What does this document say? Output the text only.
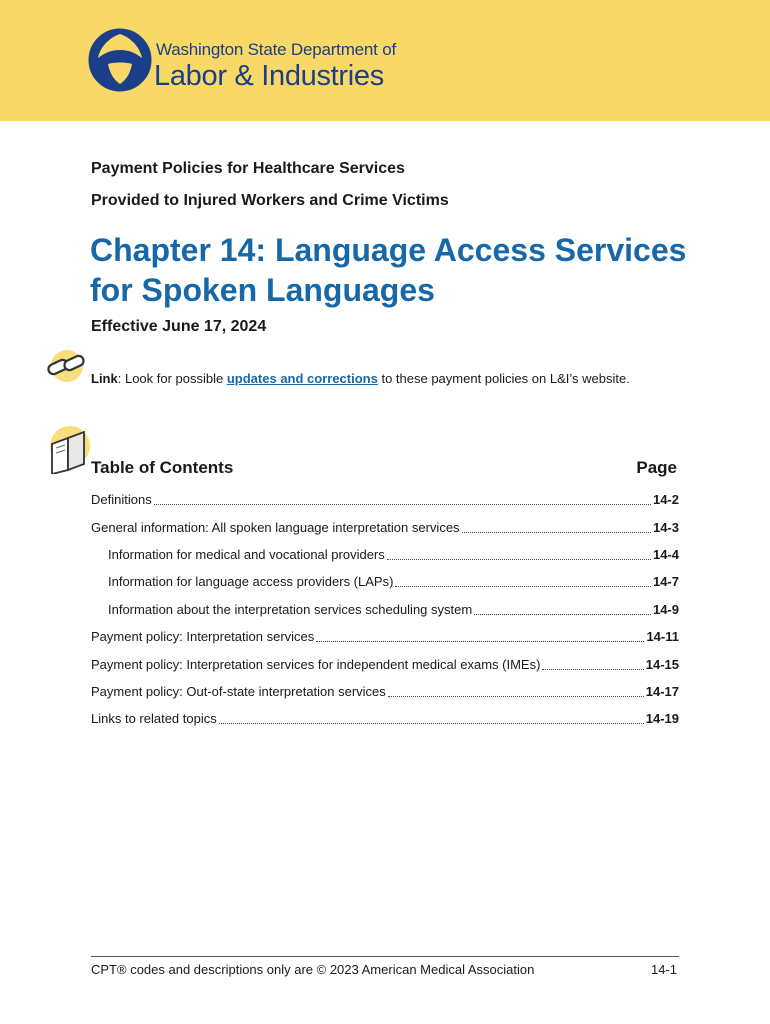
Washington State Department of
Labor & Industries
Payment Policies for Healthcare Services
Provided to Injured Workers and Crime Victims
Chapter 14: Language Access Services for Spoken Languages
Effective June 17, 2024
Link: Look for possible updates and corrections to these payment policies on L&I’s website.
Table of Contents	Page
Definitions	14-2
General information: All spoken language interpretation services	14-3
Information for medical and vocational providers	14-4
Information for language access providers (LAPs)	14-7
Information about the interpretation services scheduling system	14-9
Payment policy: Interpretation services	14-11
Payment policy: Interpretation services for independent medical exams (IMEs)	14-15
Payment policy: Out-of-state interpretation services	14-17
Links to related topics	14-19
CPT® codes and descriptions only are © 2023 American Medical Association	14-1
